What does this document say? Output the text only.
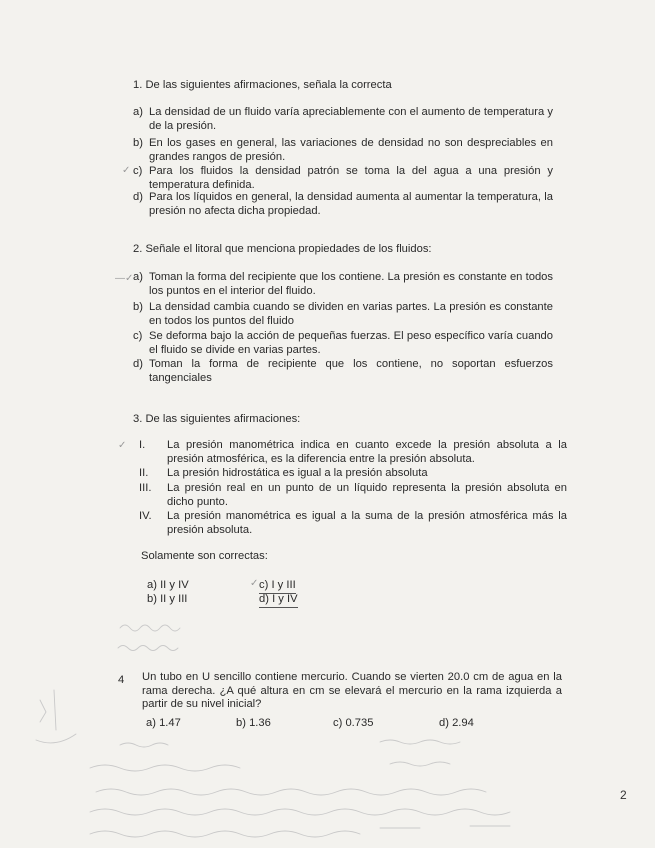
1. De las siguientes afirmaciones, señala la correcta
a) La densidad de un fluido varía apreciablemente con el aumento de temperatura y de la presión.
b) En los gases en general, las variaciones de densidad no son despreciables en grandes rangos de presión.
c) Para los fluidos la densidad patrón se toma la del agua a una presión y temperatura definida.
d) Para los líquidos en general, la densidad aumenta al aumentar la temperatura, la presión no afecta dicha propiedad.
✓
2. Señale el litoral que menciona propiedades de los fluidos:
a) Toman la forma del recipiente que los contiene. La presión es constante en todos los puntos en el interior del fluido.
b) La densidad cambia cuando se dividen en varias partes. La presión es constante en todos los puntos del fluido
c) Se deforma bajo la acción de pequeñas fuerzas. El peso específico varía cuando el fluido se divide en varias partes.
d) Toman la forma de recipiente que los contiene, no soportan esfuerzos tangenciales
—✓
3. De las siguientes afirmaciones:
I. La presión manométrica indica en cuanto excede la presión absoluta a la presión atmosférica, es la diferencia entre la presión absoluta.
II. La presión hidrostática es igual a la presión absoluta
III. La presión real en un punto de un líquido representa la presión absoluta en dicho punto.
IV. La presión manométrica es igual a la suma de la presión atmosférica más la presión absoluta.
Solamente son correctas:
a) II y IV
b) II y III
c) I y III
d) I y IV
✓
✓
4 Un tubo en U sencillo contiene mercurio. Cuando se vierten 20.0 cm de agua en la rama derecha. ¿A qué altura en cm se elevará el mercurio en la rama izquierda a partir de su nivel inicial?
a) 1.47	b) 1.36	c) 0.735	d) 2.94
2
